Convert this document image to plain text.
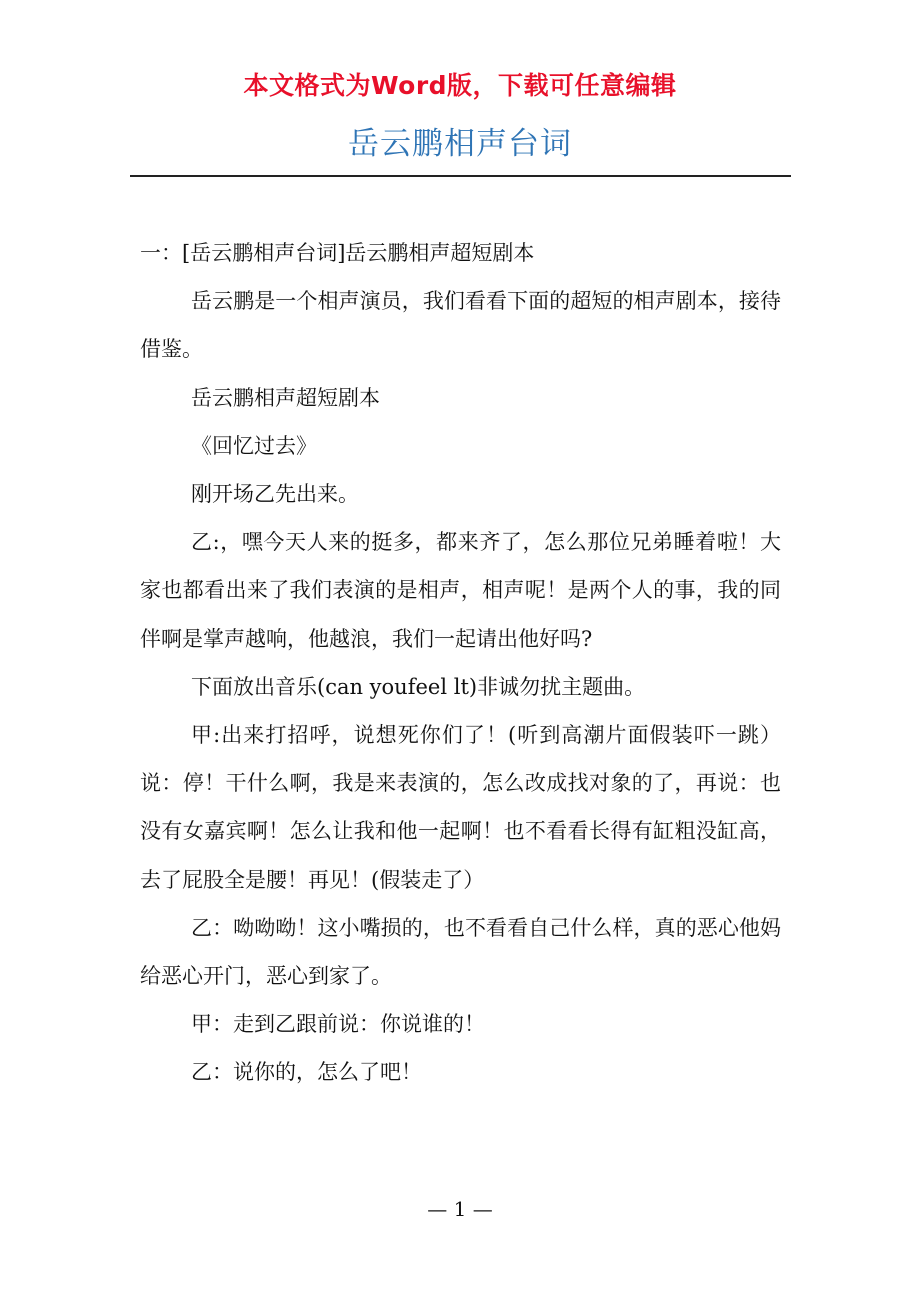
本文格式为Word版，下载可任意编辑
岳云鹏相声台词

一：[岳云鹏相声台词]岳云鹏相声超短剧本

岳云鹏是一个相声演员，我们看看下面的超短的相声剧本，接待借鉴。

岳云鹏相声超短剧本

《回忆过去》

刚开场乙先出来。

乙:，嘿今天人来的挺多，都来齐了，怎么那位兄弟睡着啦！大家也都看出来了我们表演的是相声，相声呢！是两个人的事，我的同伴啊是掌声越响，他越浪，我们一起请出他好吗?

下面放出音乐(can youfeel lt)非诚勿扰主题曲。

甲:出来打招呼，说想死你们了！(听到高潮片面假装吓一跳）说：停！干什么啊，我是来表演的，怎么改成找对象的了，再说：也没有女嘉宾啊！怎么让我和他一起啊！也不看看长得有缸粗没缸高，去了屁股全是腰！再见！(假装走了）

乙：呦呦呦！这小嘴损的，也不看看自己什么样，真的恶心他妈给恶心开门，恶心到家了。

甲：走到乙跟前说：你说谁的！

乙：说你的，怎么了吧！

— 1 —
